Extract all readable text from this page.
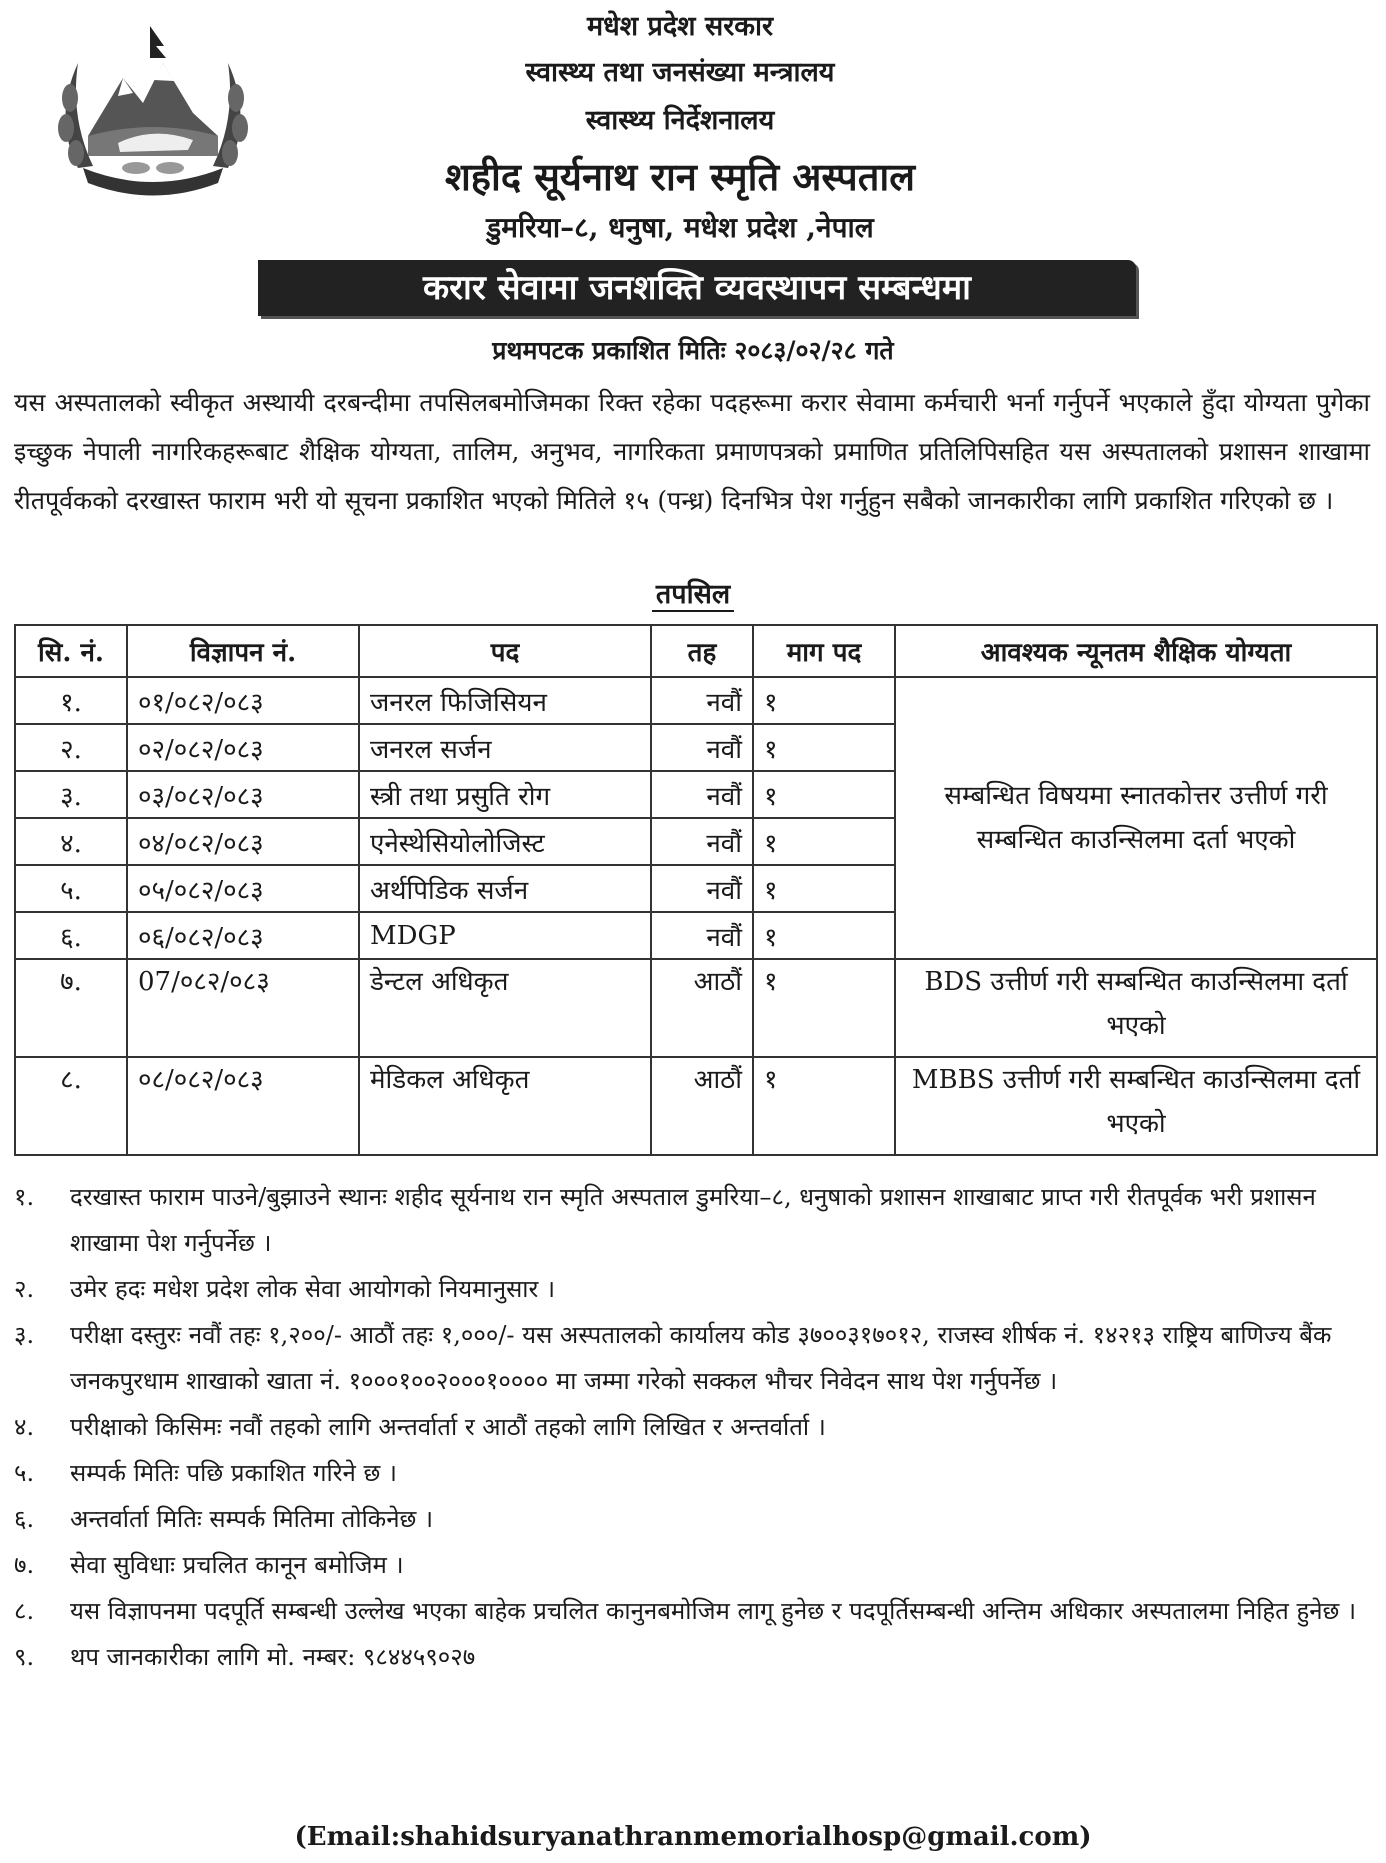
मधेश प्रदेश सरकार
स्वास्थ्य तथा जनसंख्या मन्त्रालय
स्वास्थ्य निर्देशनालय
शहीद सूर्यनाथ रान स्मृति अस्पताल
डुमरिया–८, धनुषा, मधेश प्रदेश ,नेपाल
करार सेवामा जनशक्ति व्यवस्थापन सम्बन्धमा
प्रथमपटक प्रकाशित मितिः २०८३/०२/२८ गते
यस अस्पतालको स्वीकृत अस्थायी दरबन्दीमा तपसिलबमोजिमका रिक्त रहेका पदहरूमा करार सेवामा कर्मचारी भर्ना गर्नुपर्ने भएकाले हुँदा योग्यता पुगेका इच्छुक नेपाली नागरिकहरूबाट शैक्षिक योग्यता, तालिम, अनुभव, नागरिकता प्रमाणपत्रको प्रमाणित प्रतिलिपिसहित यस अस्पतालको प्रशासन शाखामा रीतपूर्वकको दरखास्त फाराम भरी यो सूचना प्रकाशित भएको मितिले १५ (पन्ध्र) दिनभित्र पेश गर्नुहुन सबैको जानकारीका लागि प्रकाशित गरिएको छ ।
तपसिल
सि. नं.	विज्ञापन नं.	पद	तह	माग पद	आवश्यक न्यूनतम शैक्षिक योग्यता
१.	०१/०८२/०८३	जनरल फिजिसियन	नवौं	१	सम्बन्धित विषयमा स्नातकोत्तर उत्तीर्ण गरी सम्बन्धित काउन्सिलमा दर्ता भएको
२.	०२/०८२/०८३	जनरल सर्जन	नवौं	१	
३.	०३/०८२/०८३	स्त्री तथा प्रसुति रोग	नवौं	१	
४.	०४/०८२/०८३	एनेस्थेसियोलोजिस्ट	नवौं	१	
५.	०५/०८२/०८३	अर्थपिडिक सर्जन	नवौं	१	
६.	०६/०८२/०८३	MDGP	नवौं	१	
७.	07/०८२/०८३	डेन्टल अधिकृत	आठौं	१	BDS उत्तीर्ण गरी सम्बन्धित काउन्सिलमा दर्ता भएको
८.	०८/०८२/०८३	मेडिकल अधिकृत	आठौं	१	MBBS उत्तीर्ण गरी सम्बन्धित काउन्सिलमा दर्ता भएको
१.	दरखास्त फाराम पाउने/बुझाउने स्थानः शहीद सूर्यनाथ रान स्मृति अस्पताल डुमरिया–८, धनुषाको प्रशासन शाखाबाट प्राप्त गरी रीतपूर्वक भरी प्रशासन शाखामा पेश गर्नुपर्नेछ ।
२.	उमेर हदः मधेश प्रदेश लोक सेवा आयोगको नियमानुसार ।
३.	परीक्षा दस्तुरः नवौं तहः १,२००/- आठौं तहः १,०००/- यस अस्पतालको कार्यालय कोड ३७००३१७०१२, राजस्व शीर्षक नं. १४२१३ राष्ट्रिय बाणिज्य बैंक जनकपुरधाम शाखाको खाता नं. १०००१००२०००१०००० मा जम्मा गरेको सक्कल भौचर निवेदन साथ पेश गर्नुपर्नेछ ।
४.	परीक्षाको किसिमः नवौं तहको लागि अन्तर्वार्ता र आठौं तहको लागि लिखित र अन्तर्वार्ता ।
५.	सम्पर्क मितिः पछि प्रकाशित गरिने छ ।
६.	अन्तर्वार्ता मितिः सम्पर्क मितिमा तोकिनेछ ।
७.	सेवा सुविधाः प्रचलित कानून बमोजिम ।
८.	यस विज्ञापनमा पदपूर्ति सम्बन्धी उल्लेख भएका बाहेक प्रचलित कानुनबमोजिम लागू हुनेछ र पदपूर्तिसम्बन्धी अन्तिम अधिकार अस्पतालमा निहित हुनेछ ।
९.	थप जानकारीका लागि मो. नम्बर: ९८४४५९०२७
(Email:shahidsuryanathranmemorialhosp@gmail.com)
